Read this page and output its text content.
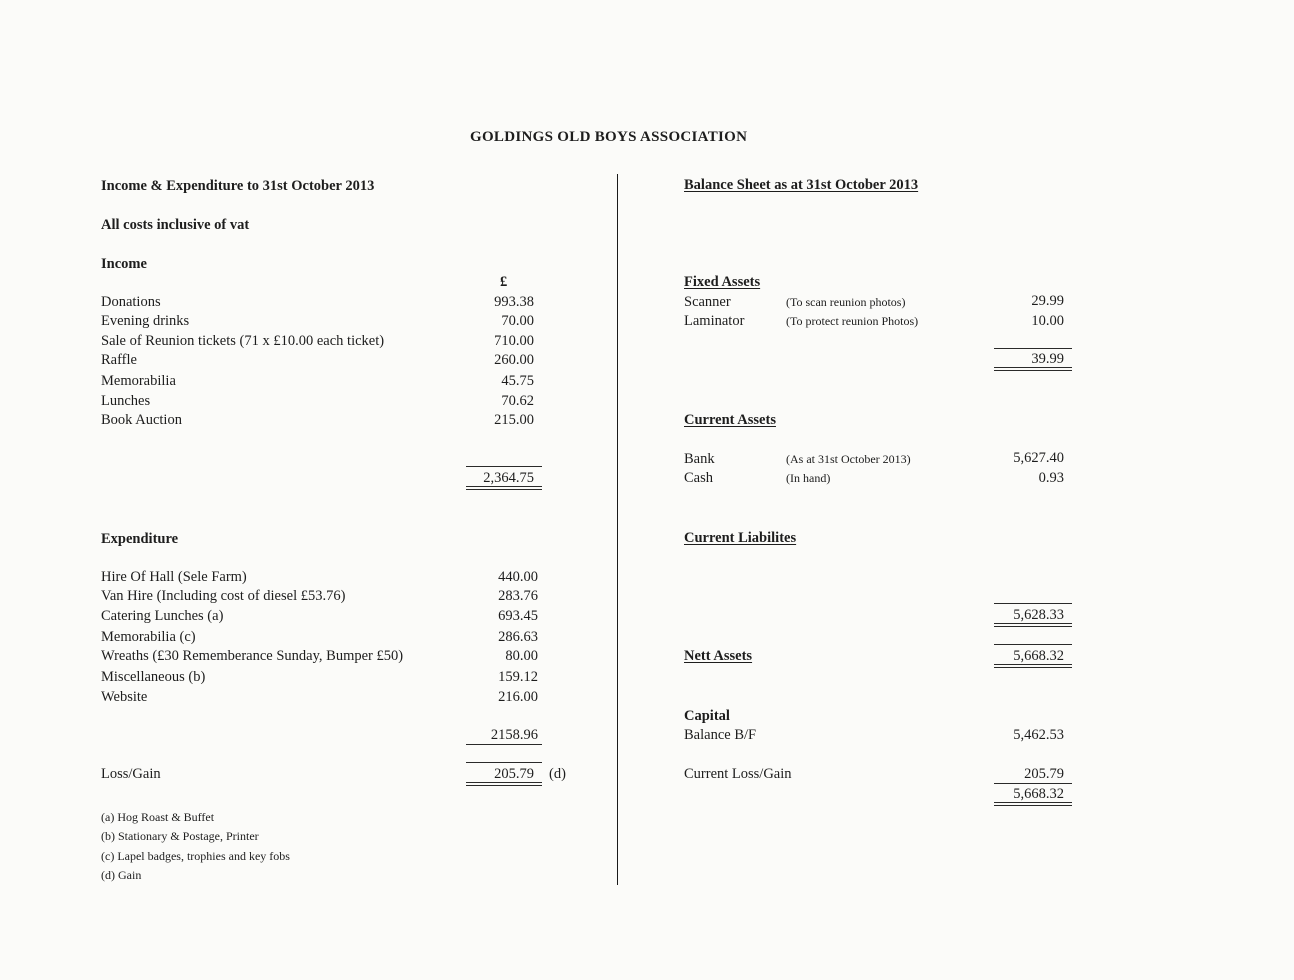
GOLDINGS OLD BOYS ASSOCIATION
Income & Expenditure to 31st October 2013
All costs inclusive of vat
Income
£
Donations	993.38
Evening drinks	70.00
Sale of Reunion tickets (71 x £10.00 each ticket)	710.00
Raffle	260.00
Memorabilia	45.75
Lunches	70.62
Book Auction	215.00
2,364.75
Expenditure
Hire Of Hall (Sele Farm)	440.00
Van Hire (Including cost of diesel £53.76)	283.76
Catering Lunches (a)	693.45
Memorabilia (c)	286.63
Wreaths (£30 Rememberance Sunday, Bumper £50)	80.00
Miscellaneous (b)	159.12
Website	216.00
2158.96
Loss/Gain	205.79 (d)
(a) Hog Roast & Buffet
(b) Stationary & Postage, Printer
(c) Lapel badges, trophies and key fobs
(d) Gain
Balance Sheet as at 31st October 2013
Fixed Assets
Scanner	(To scan reunion photos)	29.99
Laminator	(To protect reunion Photos)	10.00
39.99
Current Assets
Bank	(As at 31st October 2013)	5,627.40
Cash	(In hand)	0.93
Current Liabilites
5,628.33
Nett Assets	5,668.32
Capital
Balance B/F	5,462.53
Current Loss/Gain	205.79
5,668.32
